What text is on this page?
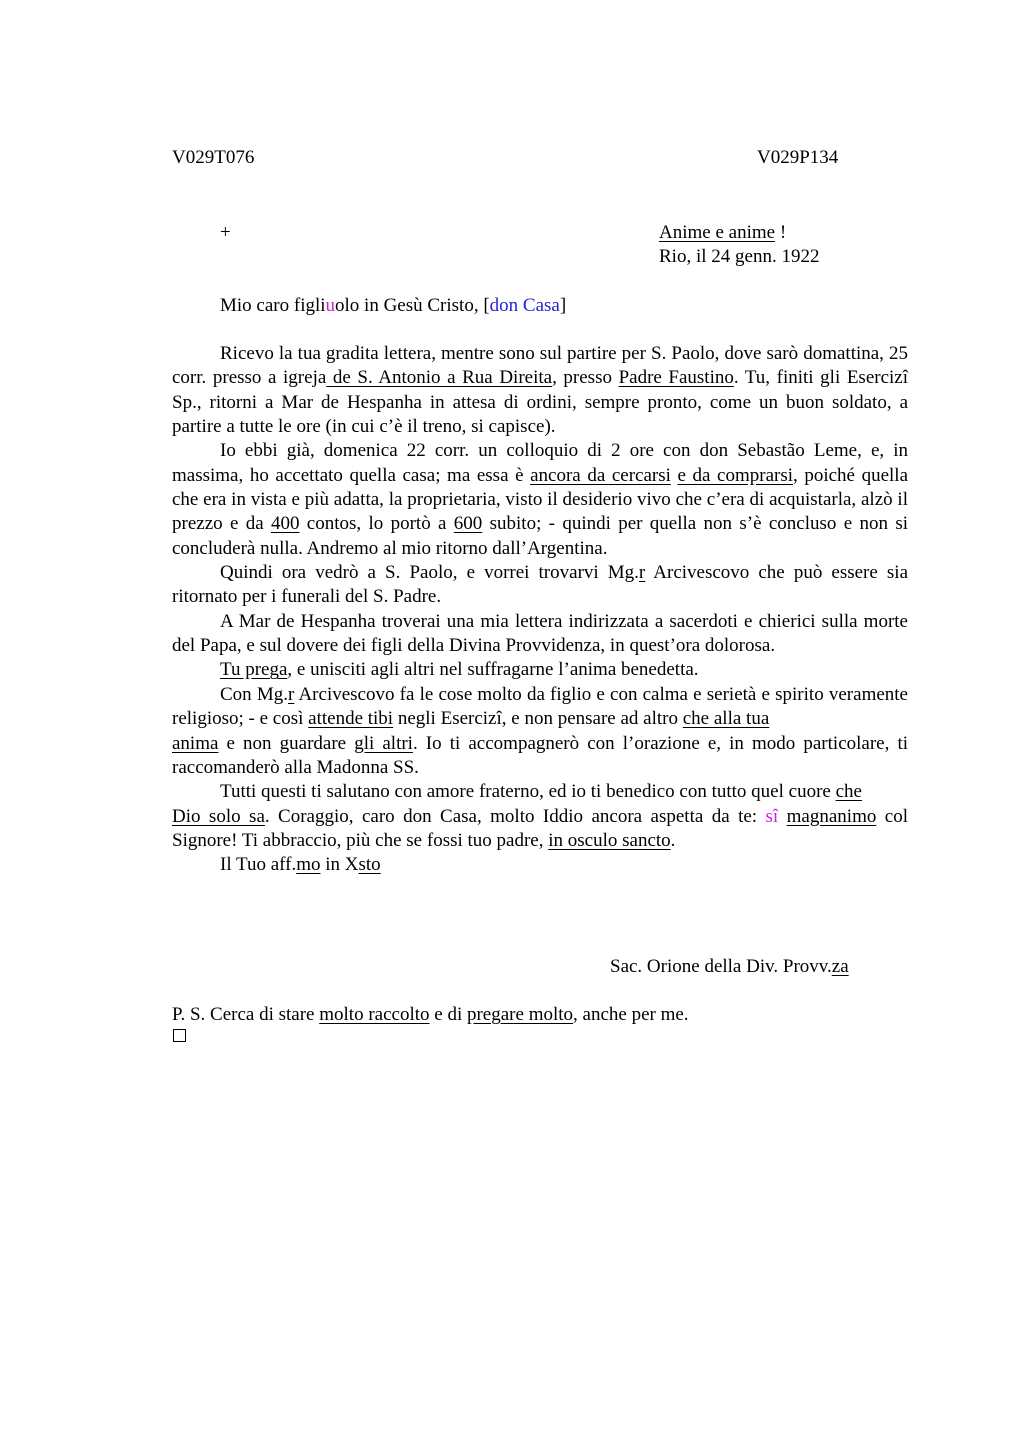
V029T076	V029P134
+	Anime e anime !
Rio, il 24 genn. 1922
Mio caro figliuolo in Gesù Cristo, [don Casa]

Ricevo la tua gradita lettera, mentre sono sul partire per S. Paolo, dove sarò domattina, 25 corr. presso a igreja de S. Antonio a Rua Direita, presso Padre Faustino. Tu, finiti gli Esercizî Sp., ritorni a Mar de Hespanha in attesa di ordini, sempre pronto, come un buon soldato, a partire a tutte le ore (in cui c’è il treno, si capisce).

Io ebbi già, domenica 22 corr. un colloquio di 2 ore con don Sebastão Leme, e, in massima, ho accettato quella casa; ma essa è ancora da cercarsi e da comprarsi, poiché quella che era in vista e più adatta, la proprietaria, visto il desiderio vivo che c’era di acquistarla, alzò il prezzo e da 400 contos, lo portò a 600 subito; - quindi per quella non s’è concluso e non si concluderà nulla. Andremo al mio ritorno dall’Argentina.

Quindi ora vedrò a S. Paolo, e vorrei trovarvi Mg.r Arcivescovo che può essere sia ritornato per i funerali del S. Padre.

A Mar de Hespanha troverai una mia lettera indirizzata a sacerdoti e chierici sulla morte del Papa, e sul dovere dei figli della Divina Provvidenza, in quest’ora dolorosa.

Tu prega, e unisciti agli altri nel suffragarne l’anima benedetta.

Con Mg.r Arcivescovo fa le cose molto da figlio e con calma e serietà e spirito veramente religioso; - e così attende tibi negli Esercizî, e non pensare ad altro che alla tua
anima e non guardare gli altri. Io ti accompagnerò con l’orazione e, in modo particolare, ti raccomanderò alla Madonna SS.

Tutti questi ti salutano con amore fraterno, ed io ti benedico con tutto quel cuore che
Dio solo sa. Coraggio, caro don Casa, molto Iddio ancora aspetta da te: sî magnanimo col Signore! Ti abbraccio, più che se fossi tuo padre, in osculo sancto.

Il Tuo aff.mo in Xsto

Sac. Orione della Div. Provv.za
P. S. Cerca di stare molto raccolto e di pregare molto, anche per me.
